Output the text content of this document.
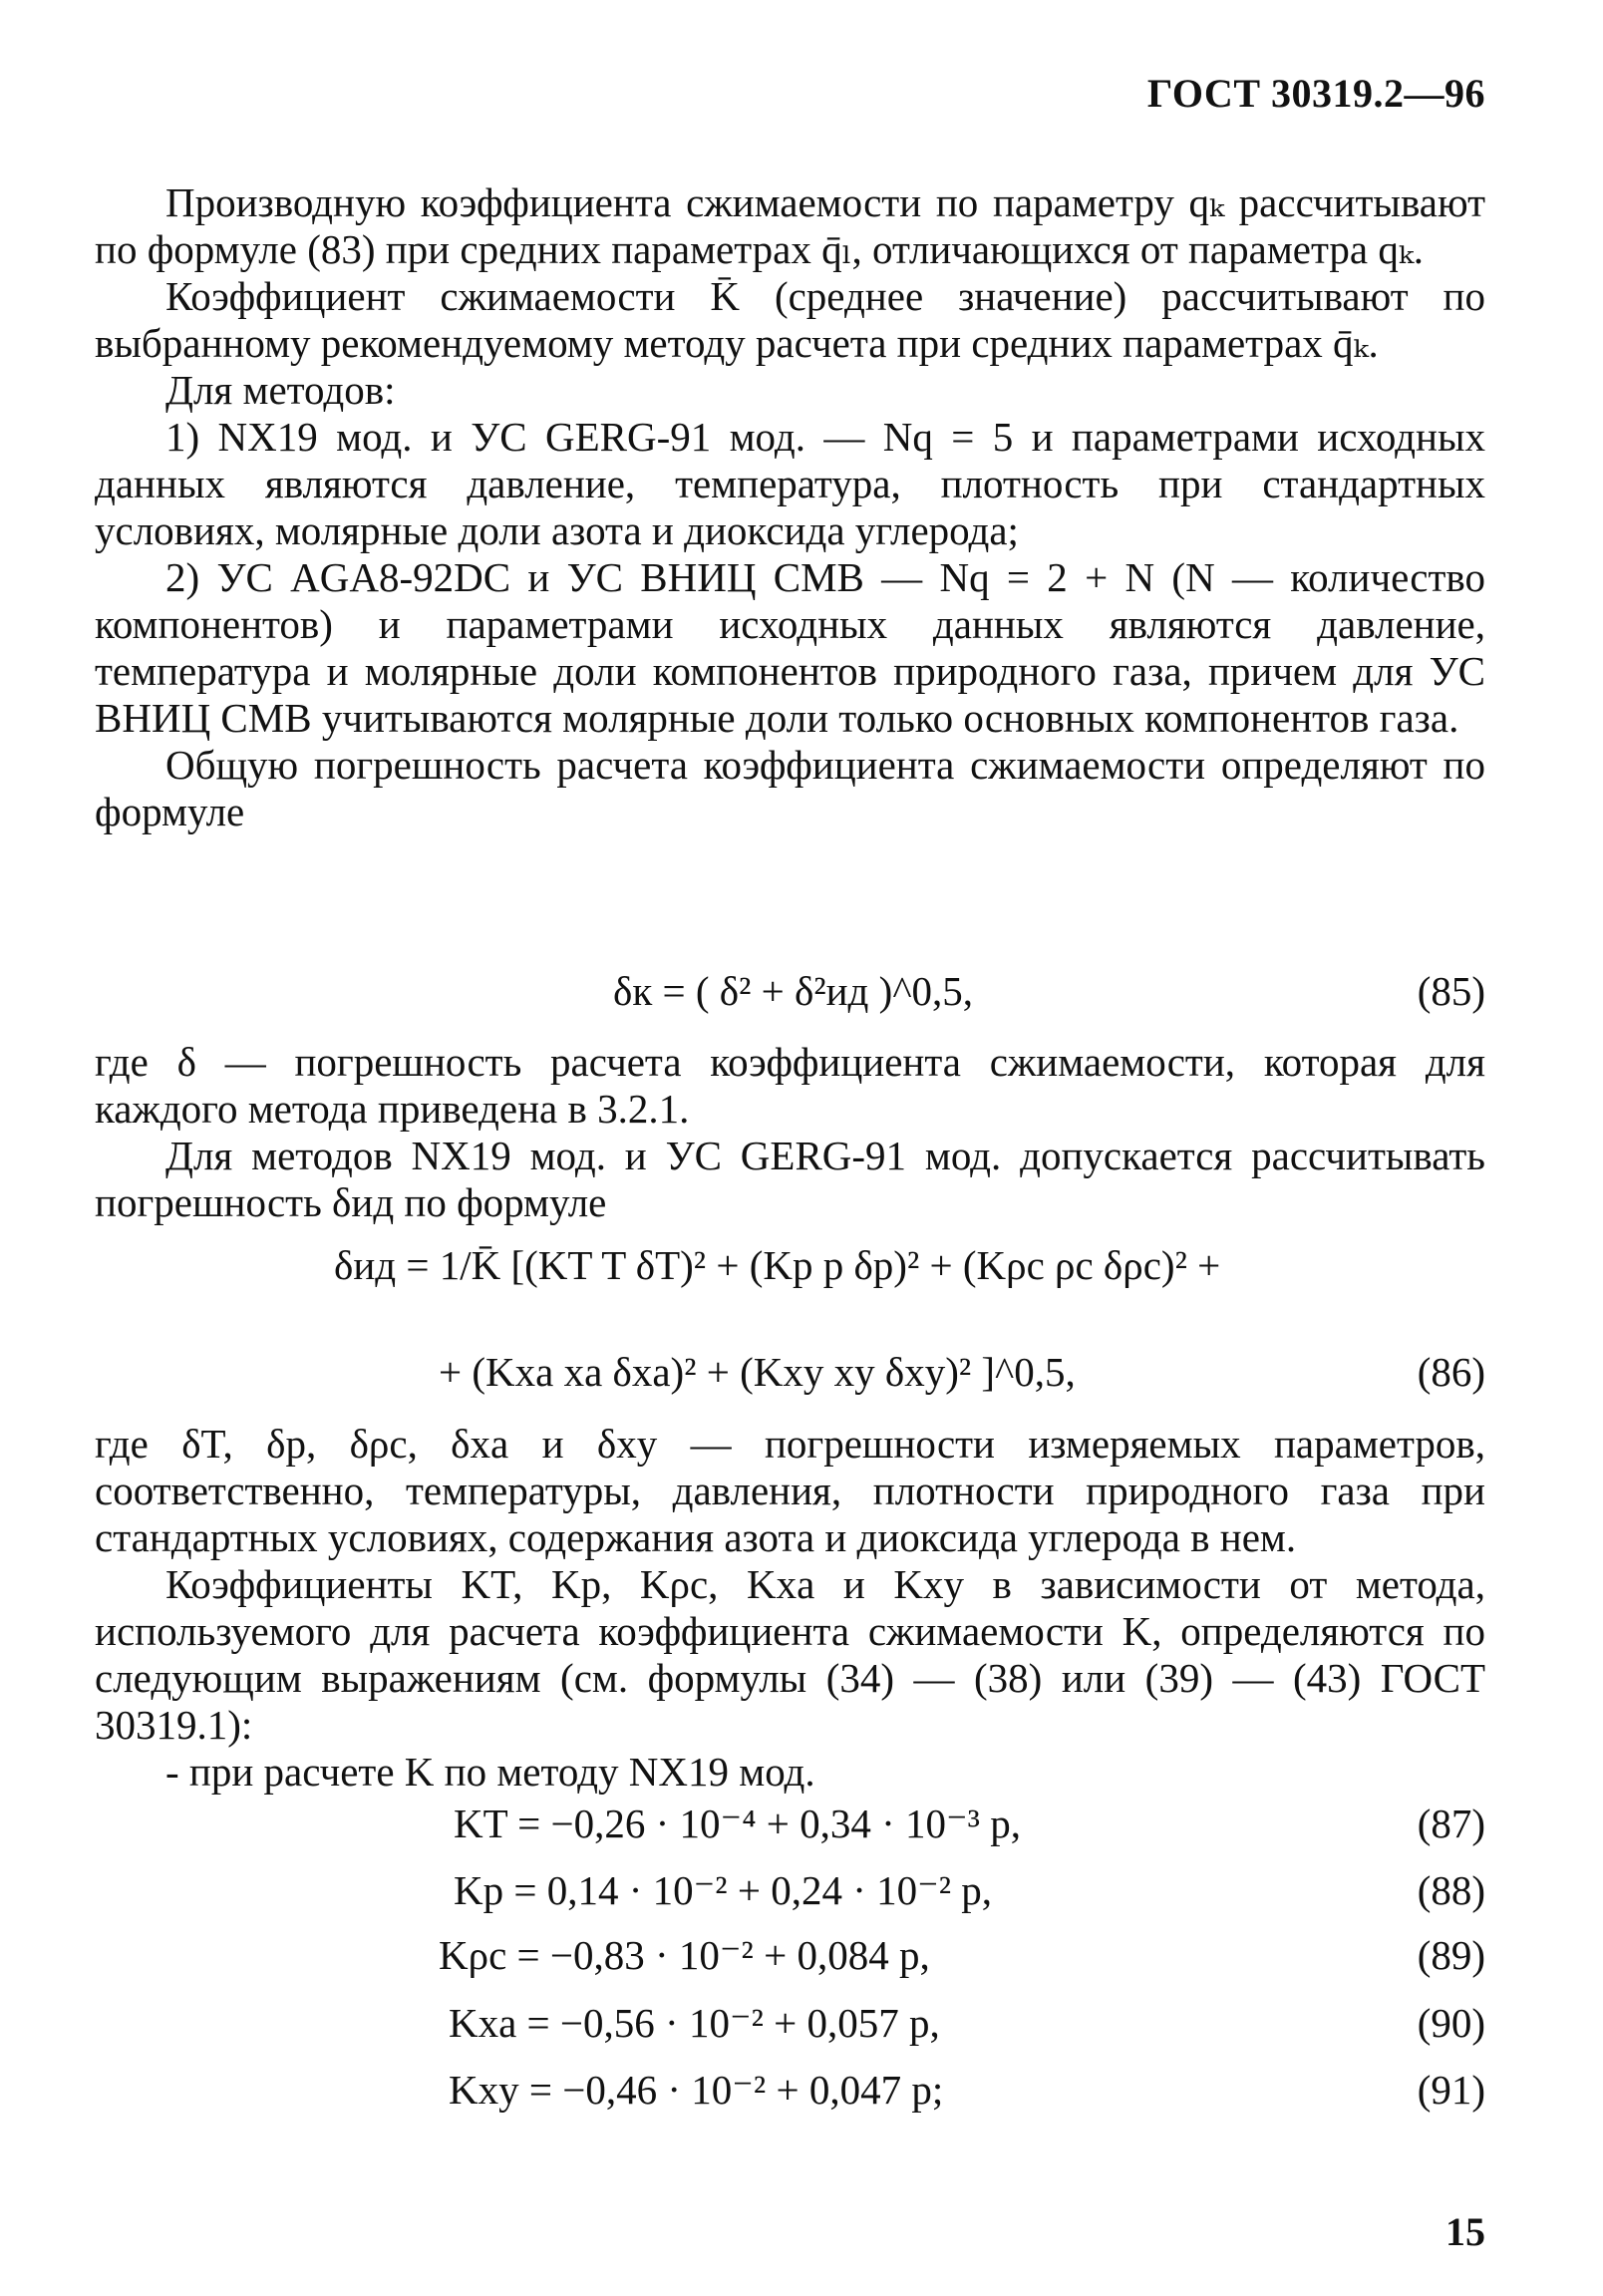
ГОСТ 30319.2—96

Производную коэффициента сжимаемости по параметру qₖ рассчитывают по формуле (83) при средних параметрах q̄ₗ, отличающихся от параметра qₖ.

Коэффициент сжимаемости K̄ (среднее значение) рассчитывают по выбранному рекомендуемому методу расчета при средних параметрах q̄ₖ.

Для методов:

1) NX19 мод. и УС GERG-91 мод. — Nq = 5 и параметрами исходных данных являются давление, температура, плотность при стандартных условиях, молярные доли азота и диоксида углерода;

2) УС AGA8-92DC и УС ВНИЦ СМВ — Nq = 2 + N (N — количество компонентов) и параметрами исходных данных являются давление, температура и молярные доли компонентов природного газа, причем для УС ВНИЦ СМВ учитываются молярные доли только основных компонентов газа.

Общую погрешность расчета коэффициента сжимаемости определяют по формуле

δк = ( δ² + δ²ид )^0,5,	(85)

где δ — погрешность расчета коэффициента сжимаемости, которая для каждого метода приведена в 3.2.1.

Для методов NX19 мод. и УС GERG-91 мод. допускается рассчитывать погрешность δид по формуле

δид = 1/K̄ [(KT T δT)² + (Kp p δp)² + (Kρc ρc δρc)² +
+ (Kxa xa δxa)² + (Kxy xy δxy)² ]^0,5,	(86)

где δT, δp, δρc, δxa и δxy — погрешности измеряемых параметров, соответственно, температуры, давления, плотности природного газа при стандартных условиях, содержания азота и диоксида углерода в нем.

Коэффициенты KT, Kp, Kρc, Kxa и Kxy в зависимости от метода, используемого для расчета коэффициента сжимаемости K, определяются по следующим выражениям (см. формулы (34) — (38) или (39) — (43) ГОСТ 30319.1):

- при расчете K по методу NX19 мод.

KT = −0,26 · 10⁻⁴ + 0,34 · 10⁻³ p,	(87)
Kp = 0,14 · 10⁻² + 0,24 · 10⁻² p,	(88)
Kρc = −0,83 · 10⁻² + 0,084 p,	(89)
Kxa = −0,56 · 10⁻² + 0,057 p,	(90)
Kxy = −0,46 · 10⁻² + 0,047 p;	(91)
15
